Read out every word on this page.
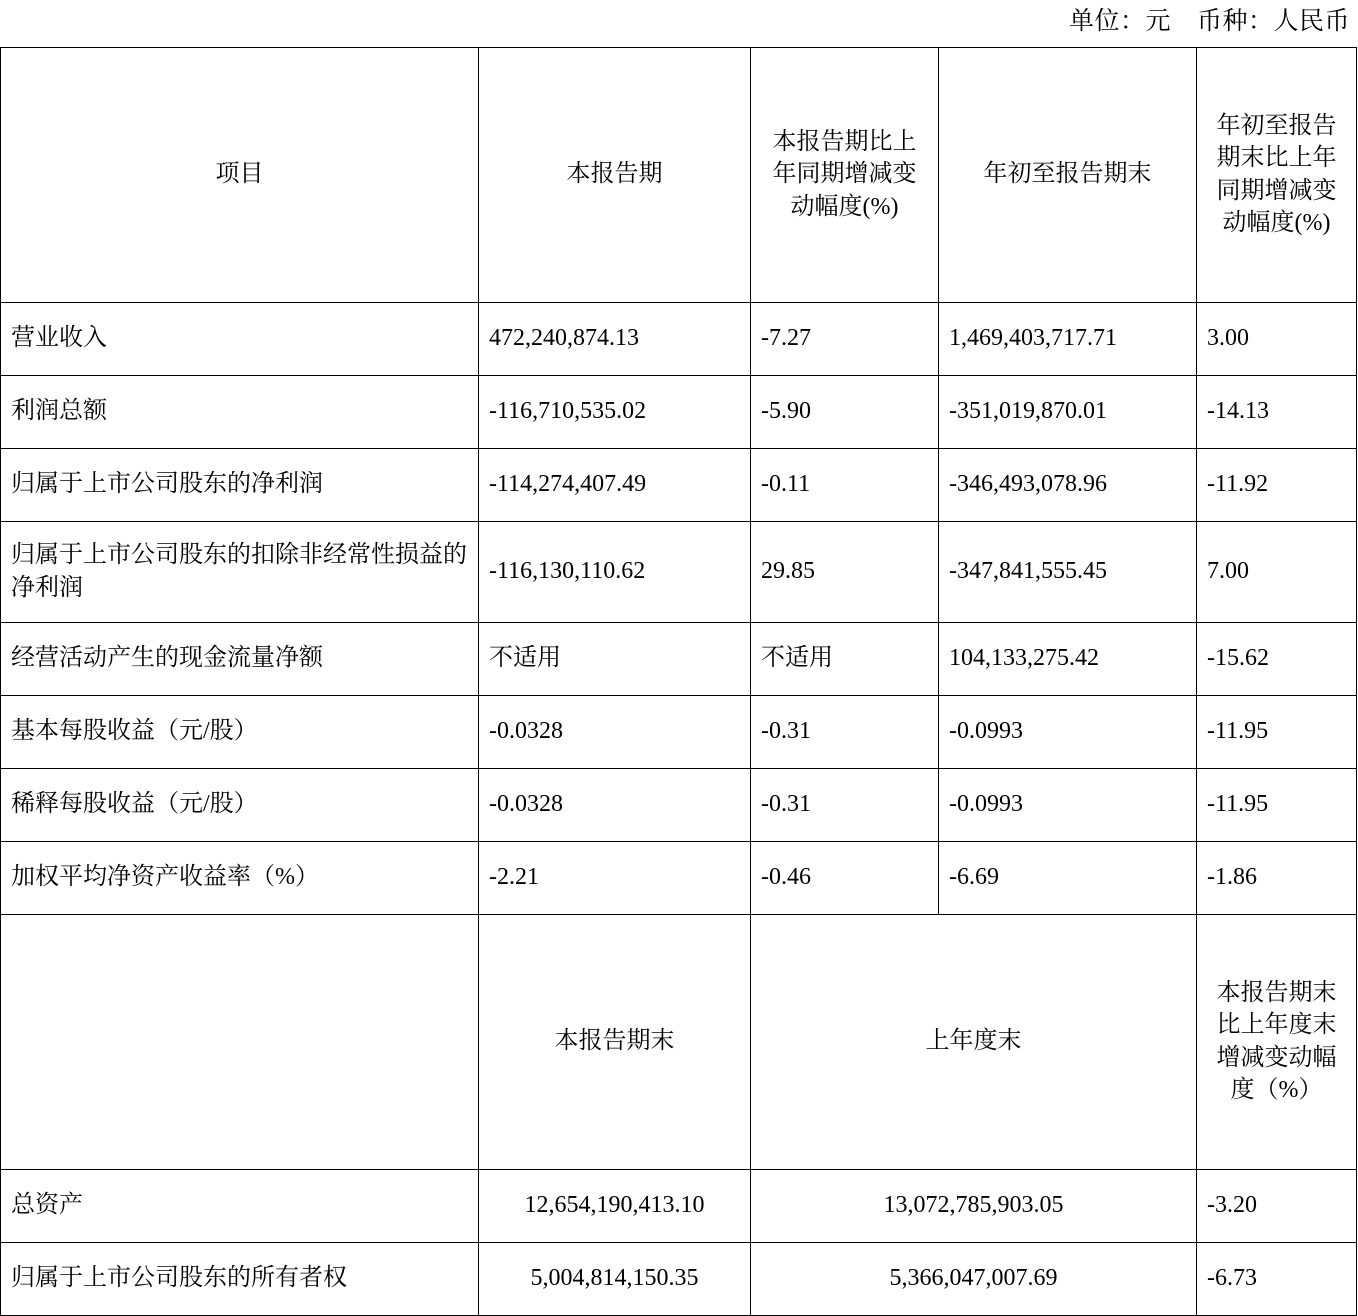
单位：元 币种：人民币
项目	本报告期	本报告期比上年同期增减变动幅度(%)	年初至报告期末	年初至报告期末比上年同期增减变动幅度(%)
营业收入	472,240,874.13	-7.27	1,469,403,717.71	3.00
利润总额	-116,710,535.02	-5.90	-351,019,870.01	-14.13
归属于上市公司股东的净利润	-114,274,407.49	-0.11	-346,493,078.96	-11.92
归属于上市公司股东的扣除非经常性损益的净利润	-116,130,110.62	29.85	-347,841,555.45	7.00
经营活动产生的现金流量净额	不适用	不适用	104,133,275.42	-15.62
基本每股收益（元/股）	-0.0328	-0.31	-0.0993	-11.95
稀释每股收益（元/股）	-0.0328	-0.31	-0.0993	-11.95
加权平均净资产收益率（%）	-2.21	-0.46	-6.69	-1.86
	本报告期末	上年度末		本报告期末比上年度末增减变动幅度（%）
总资产	12,654,190,413.10	13,072,785,903.05		-3.20
归属于上市公司股东的所有者权	5,004,814,150.35	5,366,047,007.69		-6.73
